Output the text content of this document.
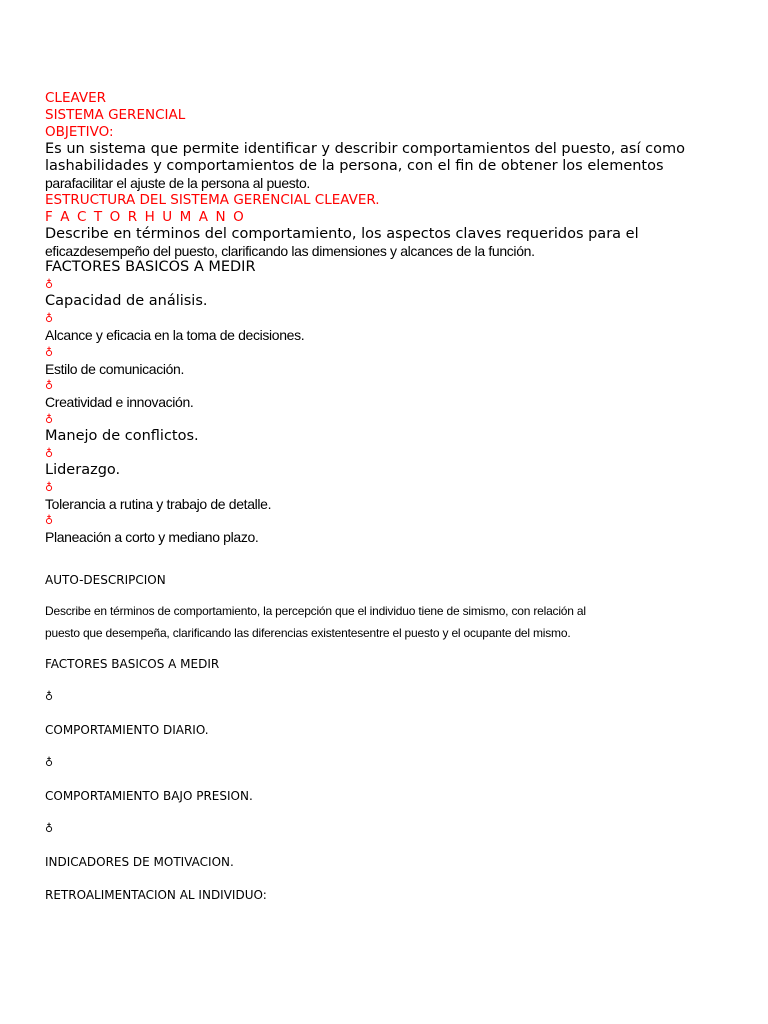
CLEAVER

SISTEMA GERENCIAL

OBJETIVO:

Es un sistema que permite identificar y describir comportamientos del puesto, así como

lashabilidades y comportamientos de la persona, con el fin de obtener los elementos

parafacilitar el ajuste de la persona al puesto.

ESTRUCTURA DEL SISTEMA GERENCIAL CLEAVER.

F A C T O R H U M A N O

Describe en términos del comportamiento, los aspectos claves requeridos para el

eficazdesempeño del puesto, clarificando las dimensiones y alcances de la función.

FACTORES BASICOS A MEDIR

♁

Capacidad de análisis.

♁

Alcance y eficacia en la toma de decisiones.

♁

Estilo de comunicación.

♁

Creatividad e innovación.

♁

Manejo de conflictos.

♁

Liderazgo.

♁

Tolerancia a rutina y trabajo de detalle.

♁

Planeación a corto y mediano plazo.

AUTO-DESCRIPCION

Describe en términos de comportamiento, la percepción que el individuo tiene de simismo, con relación al

puesto que desempeña, clarificando las diferencias existentesentre el puesto y el ocupante del mismo.

FACTORES BASICOS A MEDIR

♁

COMPORTAMIENTO DIARIO.

♁

COMPORTAMIENTO BAJO PRESION.

♁

INDICADORES DE MOTIVACION.

RETROALIMENTACION AL INDIVIDUO:
